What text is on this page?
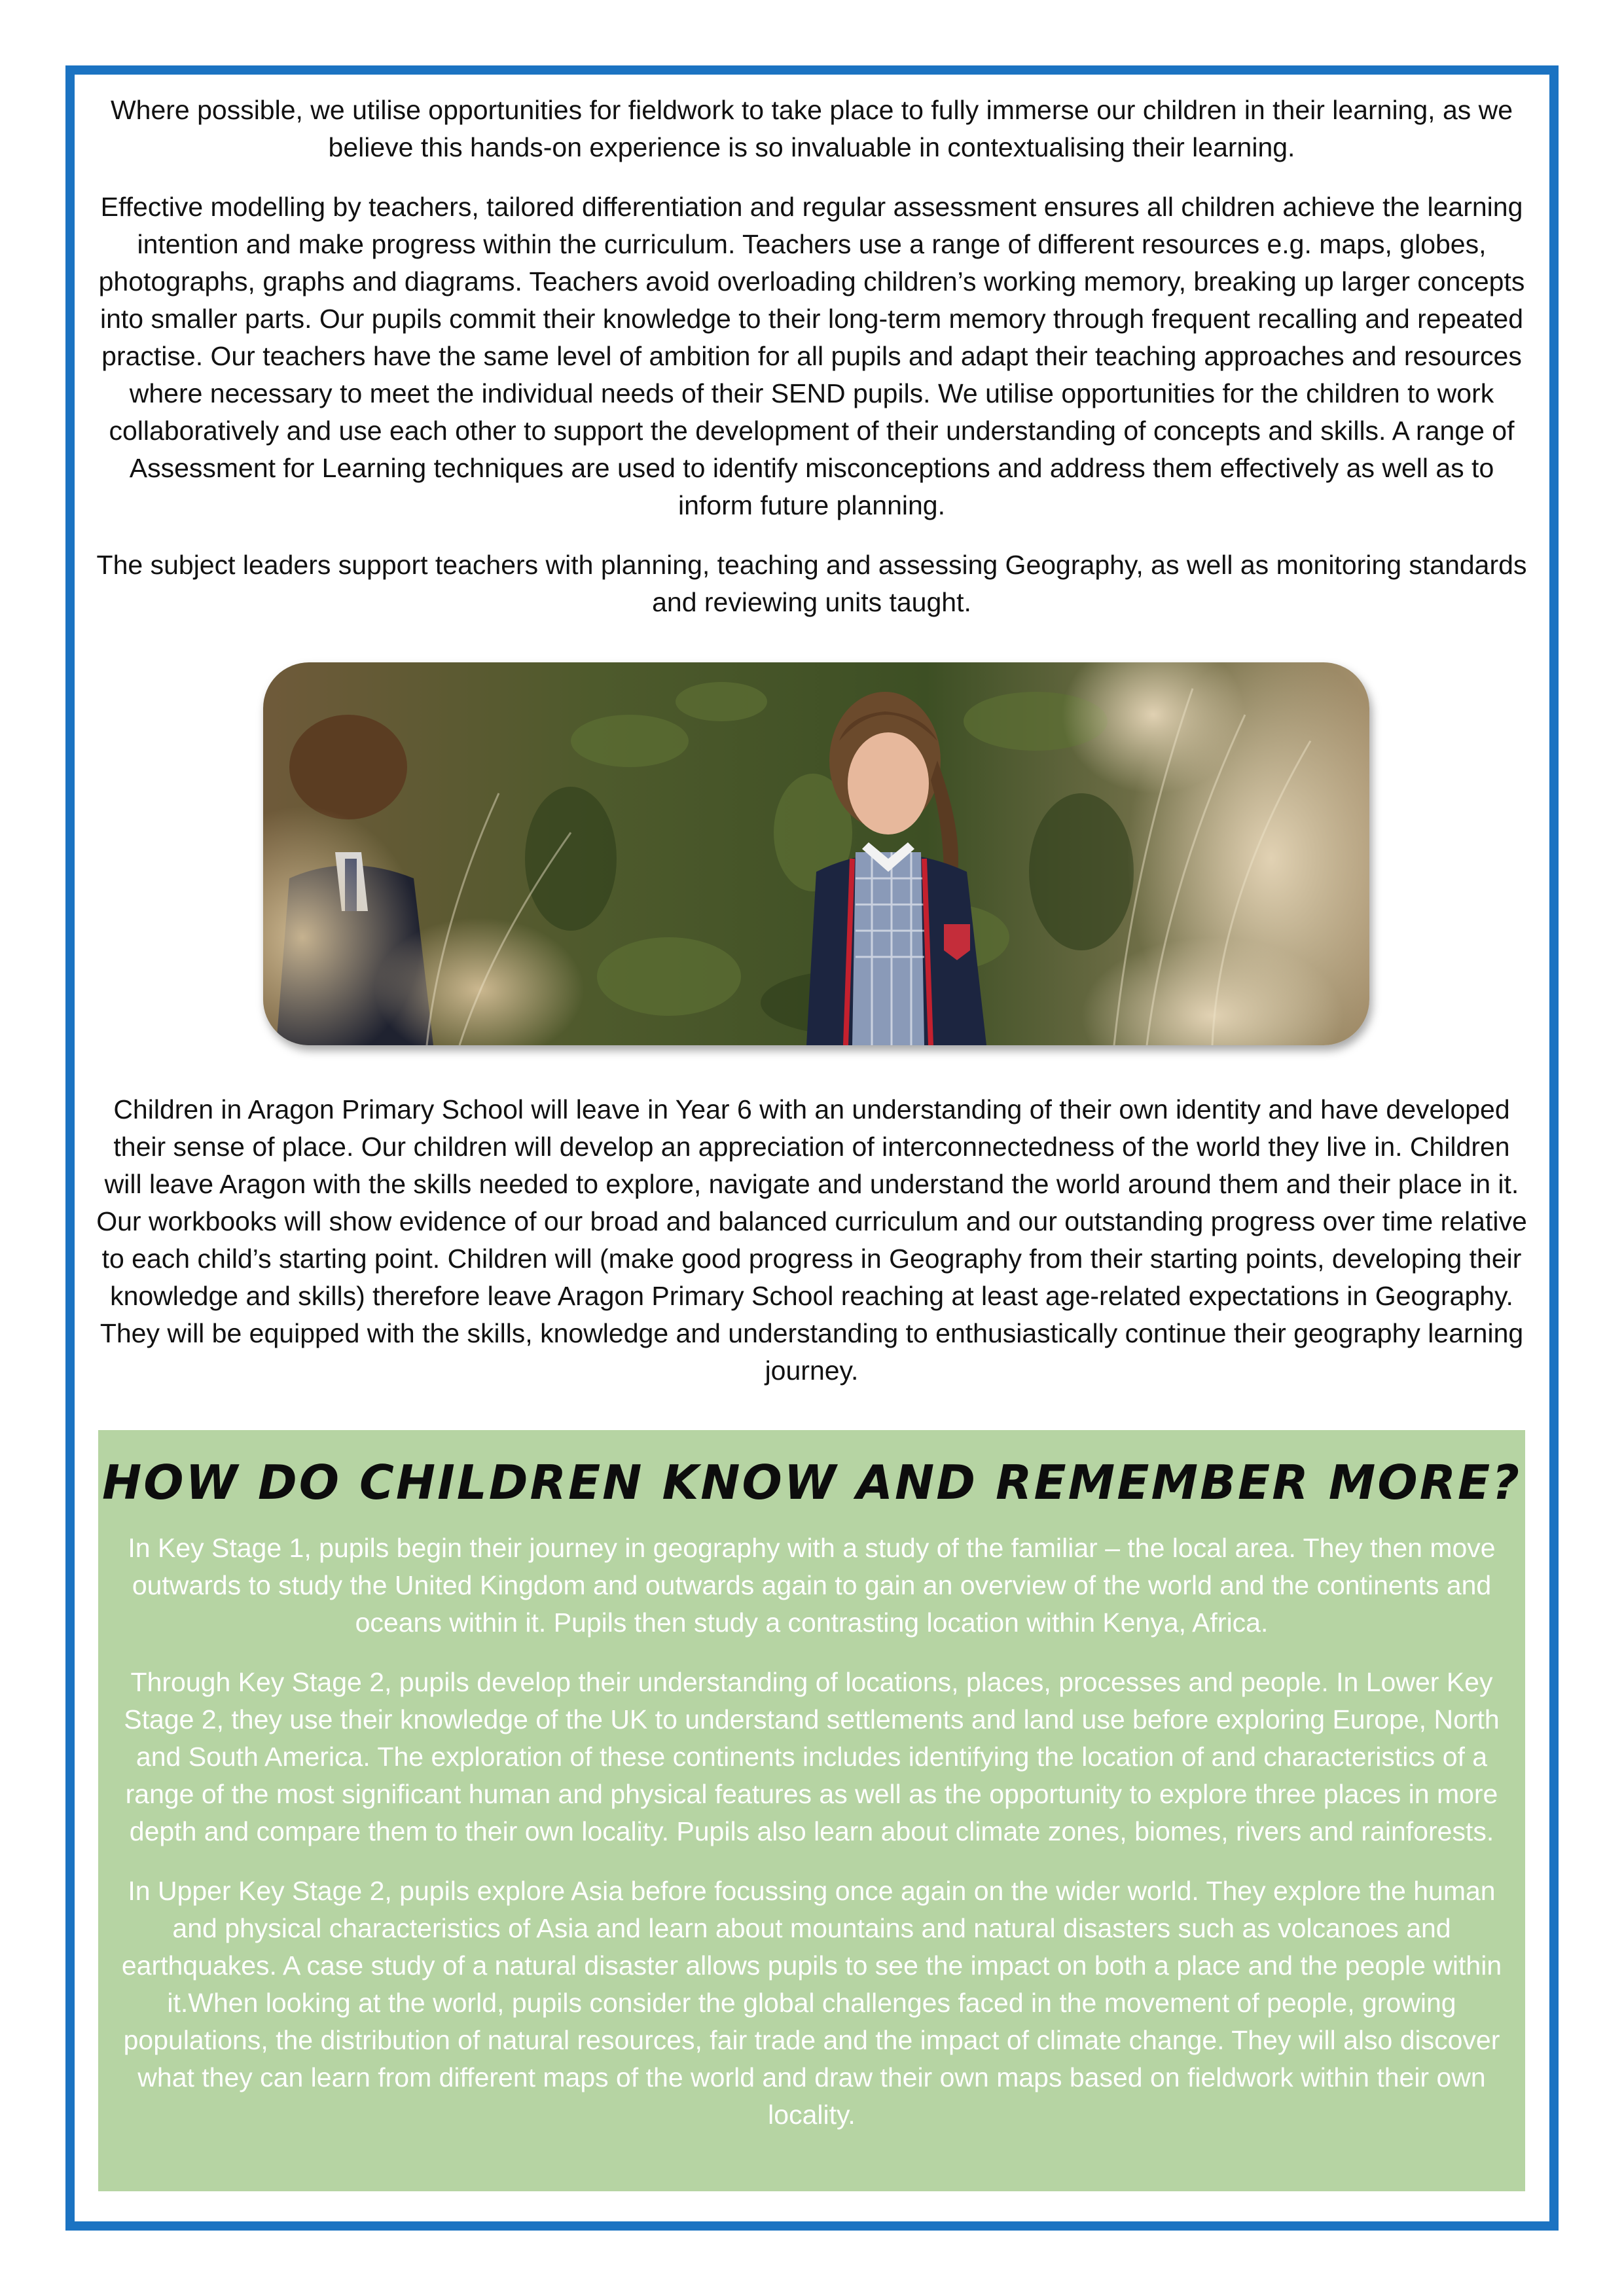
Where possible, we utilise opportunities for fieldwork to take place to fully immerse our children in their learning, as we believe this hands-on experience is so invaluable in contextualising their learning.

Effective modelling by teachers, tailored differentiation and regular assessment ensures all children achieve the learning intention and make progress within the curriculum. Teachers use a range of different resources e.g. maps, globes, photographs, graphs and diagrams. Teachers avoid overloading children’s working memory, breaking up larger concepts into smaller parts. Our pupils commit their knowledge to their long-term memory through frequent recalling and repeated practise. Our teachers have the same level of ambition for all pupils and adapt their teaching approaches and resources where necessary to meet the individual needs of their SEND pupils. We utilise opportunities for the children to work collaboratively and use each other to support the development of their understanding of concepts and skills. A range of Assessment for Learning techniques are used to identify misconceptions and address them effectively as well as to inform future planning.

The subject leaders support teachers with planning, teaching and assessing Geography, as well as monitoring standards and reviewing units taught.

Children in Aragon Primary School will leave in Year 6 with an understanding of their own identity and have developed their sense of place. Our children will develop an appreciation of interconnectedness of the world they live in. Children will leave Aragon with the skills needed to explore, navigate and understand the world around them and their place in it. Our workbooks will show evidence of our broad and balanced curriculum and our outstanding progress over time relative to each child’s starting point. Children will (make good progress in Geography from their starting points, developing their knowledge and skills) therefore leave Aragon Primary School reaching at least age-related expectations in Geography. They will be equipped with the skills, knowledge and understanding to enthusiastically continue their geography learning journey.

HOW DO CHILDREN KNOW AND REMEMBER MORE?

In Key Stage 1, pupils begin their journey in geography with a study of the familiar – the local area. They then move outwards to study the United Kingdom and outwards again to gain an overview of the world and the continents and oceans within it. Pupils then study a contrasting location within Kenya, Africa.

Through Key Stage 2, pupils develop their understanding of locations, places, processes and people. In Lower Key Stage 2, they use their knowledge of the UK to understand settlements and land use before exploring Europe, North and South America. The exploration of these continents includes identifying the location of and characteristics of a range of the most significant human and physical features as well as the opportunity to explore three places in more depth and compare them to their own locality. Pupils also learn about climate zones, biomes, rivers and rainforests.

In Upper Key Stage 2, pupils explore Asia before focussing once again on the wider world. They explore the human and physical characteristics of Asia and learn about mountains and natural disasters such as volcanoes and earthquakes. A case study of a natural disaster allows pupils to see the impact on both a place and the people within it.When looking at the world, pupils consider the global challenges faced in the movement of people, growing populations, the distribution of natural resources, fair trade and the impact of climate change. They will also discover what they can learn from different maps of the world and draw their own maps based on fieldwork within their own locality.
